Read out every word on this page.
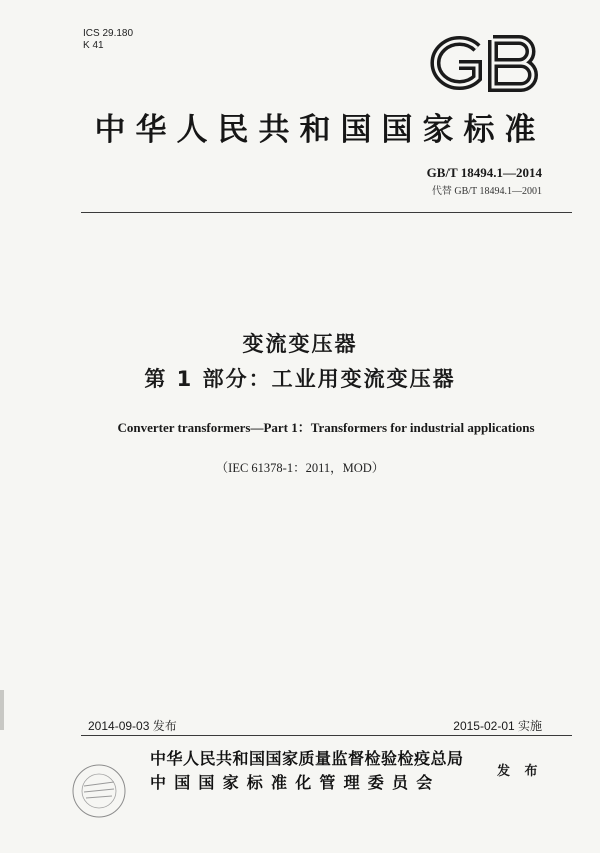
ICS 29.180
K 41
中华人民共和国国家标准
GB/T 18494.1—2014
代替 GB/T 18494.1—2001
变流变压器
第 1 部分：工业用变流变压器
Converter transformers—Part 1：Transformers for industrial applications
（IEC 61378-1：2011，MOD）
2014-09-03 发布	2015-02-01 实施
中华人民共和国国家质量监督检验检疫总局
中国国家标准化管理委员会
发 布
